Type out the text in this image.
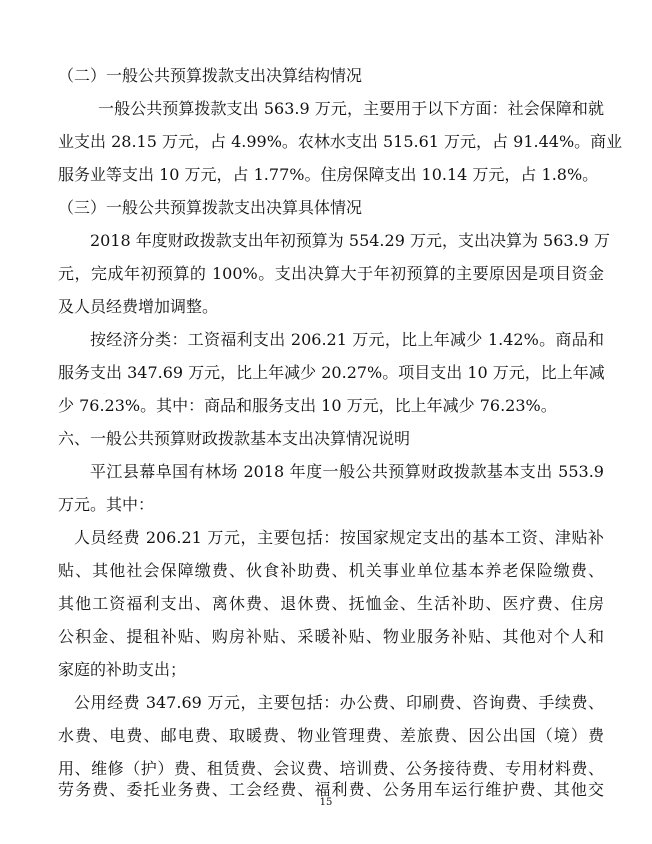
（二）一般公共预算拨款支出决算结构情况
一般公共预算拨款支出 563.9 万元，主要用于以下方面：社会保障和就
业支出 28.15 万元，占 4.99%。农林水支出 515.61 万元，占 91.44%。商业
服务业等支出 10 万元，占 1.77%。住房保障支出 10.14 万元，占 1.8%。
（三）一般公共预算拨款支出决算具体情况
2018 年度财政拨款支出年初预算为 554.29 万元，支出决算为 563.9 万
元，完成年初预算的 100%。支出决算大于年初预算的主要原因是项目资金
及人员经费增加调整。
按经济分类：工资福利支出 206.21 万元，比上年减少 1.42%。商品和
服务支出 347.69 万元，比上年减少 20.27%。项目支出 10 万元，比上年减
少 76.23%。其中：商品和服务支出 10 万元，比上年减少 76.23%。
六、一般公共预算财政拨款基本支出决算情况说明
平江县幕阜国有林场 2018 年度一般公共预算财政拨款基本支出 553.9
万元。其中：
人员经费 206.21 万元，主要包括：按国家规定支出的基本工资、津贴补
贴、其他社会保障缴费、伙食补助费、机关事业单位基本养老保险缴费、
其他工资福利支出、离休费、退休费、抚恤金、生活补助、医疗费、住房
公积金、提租补贴、购房补贴、采暖补贴、物业服务补贴、其他对个人和
家庭的补助支出；
公用经费 347.69 万元，主要包括：办公费、印刷费、咨询费、手续费、
水费、电费、邮电费、取暖费、物业管理费、差旅费、因公出国（境）费
用、维修（护）费、租赁费、会议费、培训费、公务接待费、专用材料费、
劳务费、委托业务费、工会经费、福利费、公务用车运行维护费、其他交
15
